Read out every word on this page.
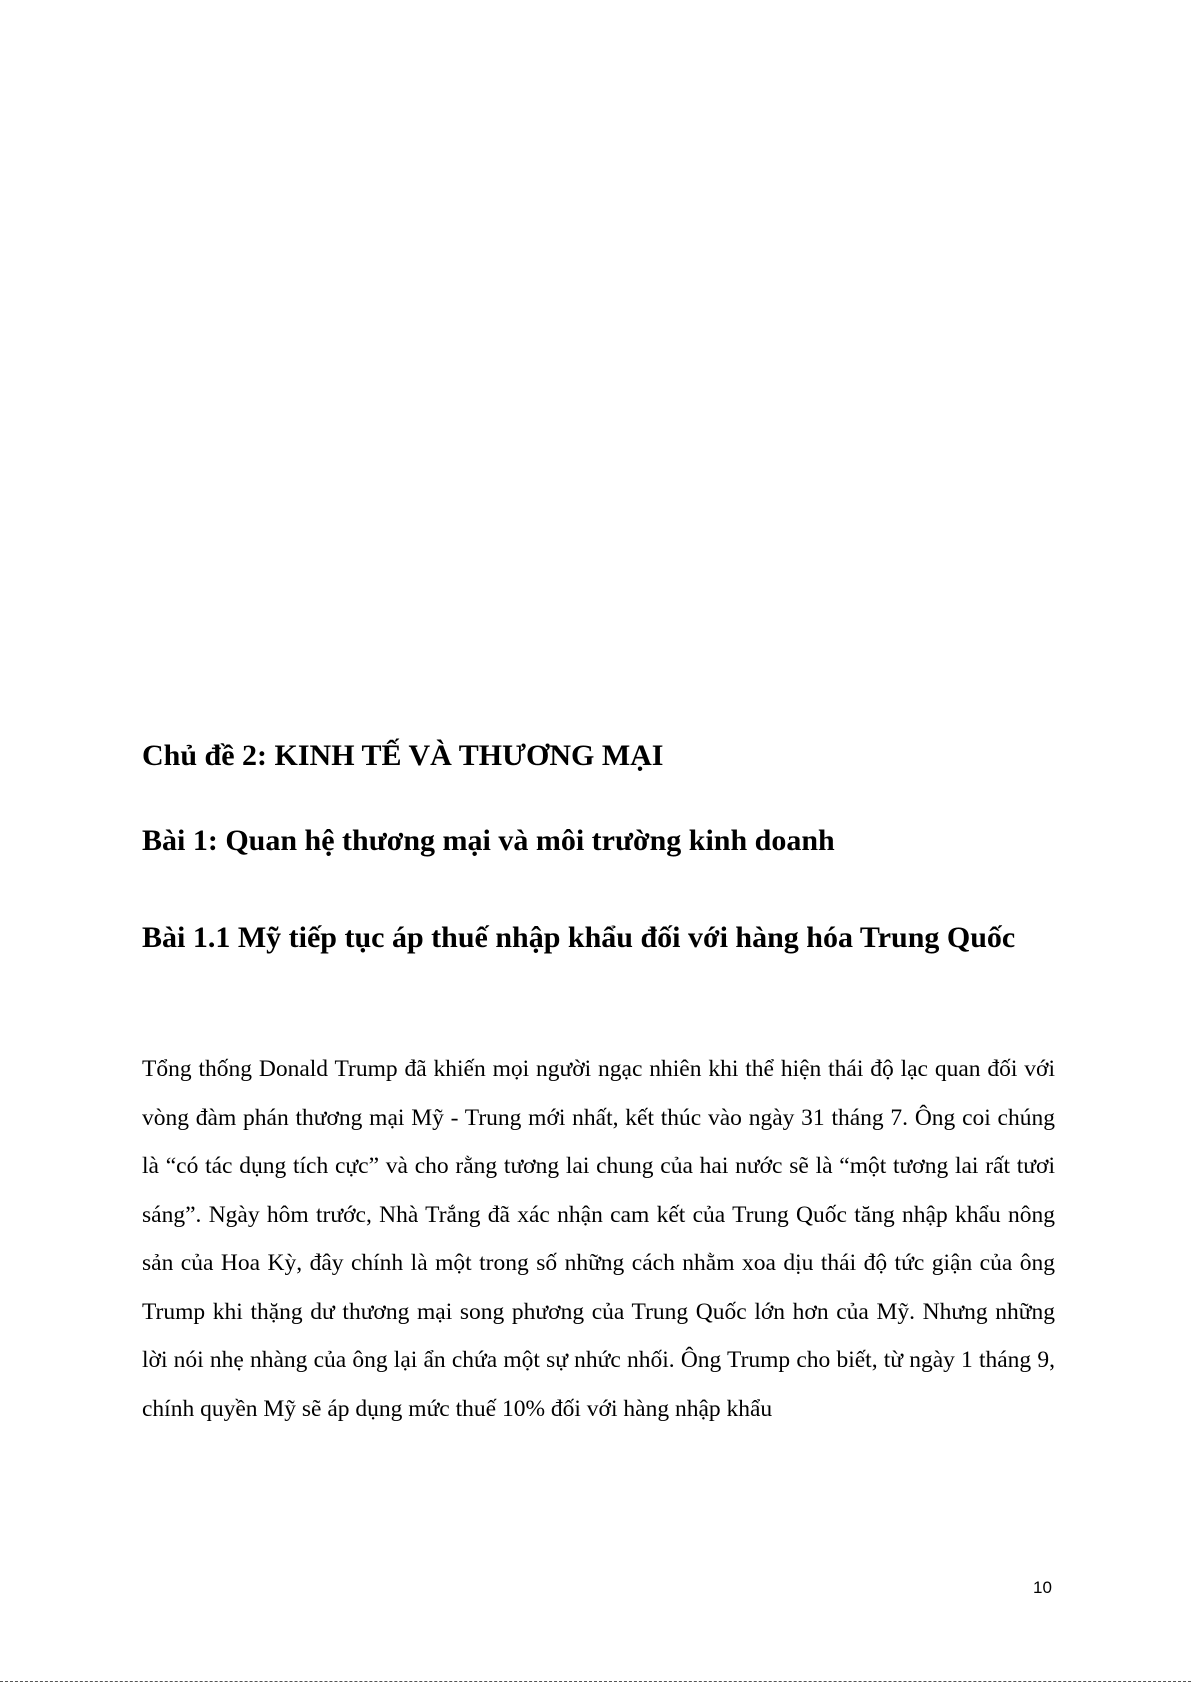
Chủ đề 2: KINH TẾ VÀ THƯƠNG MẠI
Bài 1: Quan hệ thương mại và môi trường kinh doanh
Bài 1.1 Mỹ tiếp tục áp thuế nhập khẩu đối với hàng hóa Trung Quốc

Tổng thống Donald Trump đã khiến mọi người ngạc nhiên khi thể hiện thái độ lạc quan đối với vòng đàm phán thương mại Mỹ - Trung mới nhất, kết thúc vào ngày 31 tháng 7. Ông coi chúng là “có tác dụng tích cực” và cho rằng tương lai chung của hai nước sẽ là “một tương lai rất tươi sáng”. Ngày hôm trước, Nhà Trắng đã xác nhận cam kết của Trung Quốc tăng nhập khẩu nông sản của Hoa Kỳ, đây chính là một trong số những cách nhằm xoa dịu thái độ tức giận của ông Trump khi thặng dư thương mại song phương của Trung Quốc lớn hơn của Mỹ. Nhưng những lời nói nhẹ nhàng của ông lại ẩn chứa một sự nhức nhối. Ông Trump cho biết, từ ngày 1 tháng 9, chính quyền Mỹ sẽ áp dụng mức thuế 10% đối với hàng nhập khẩu

10
